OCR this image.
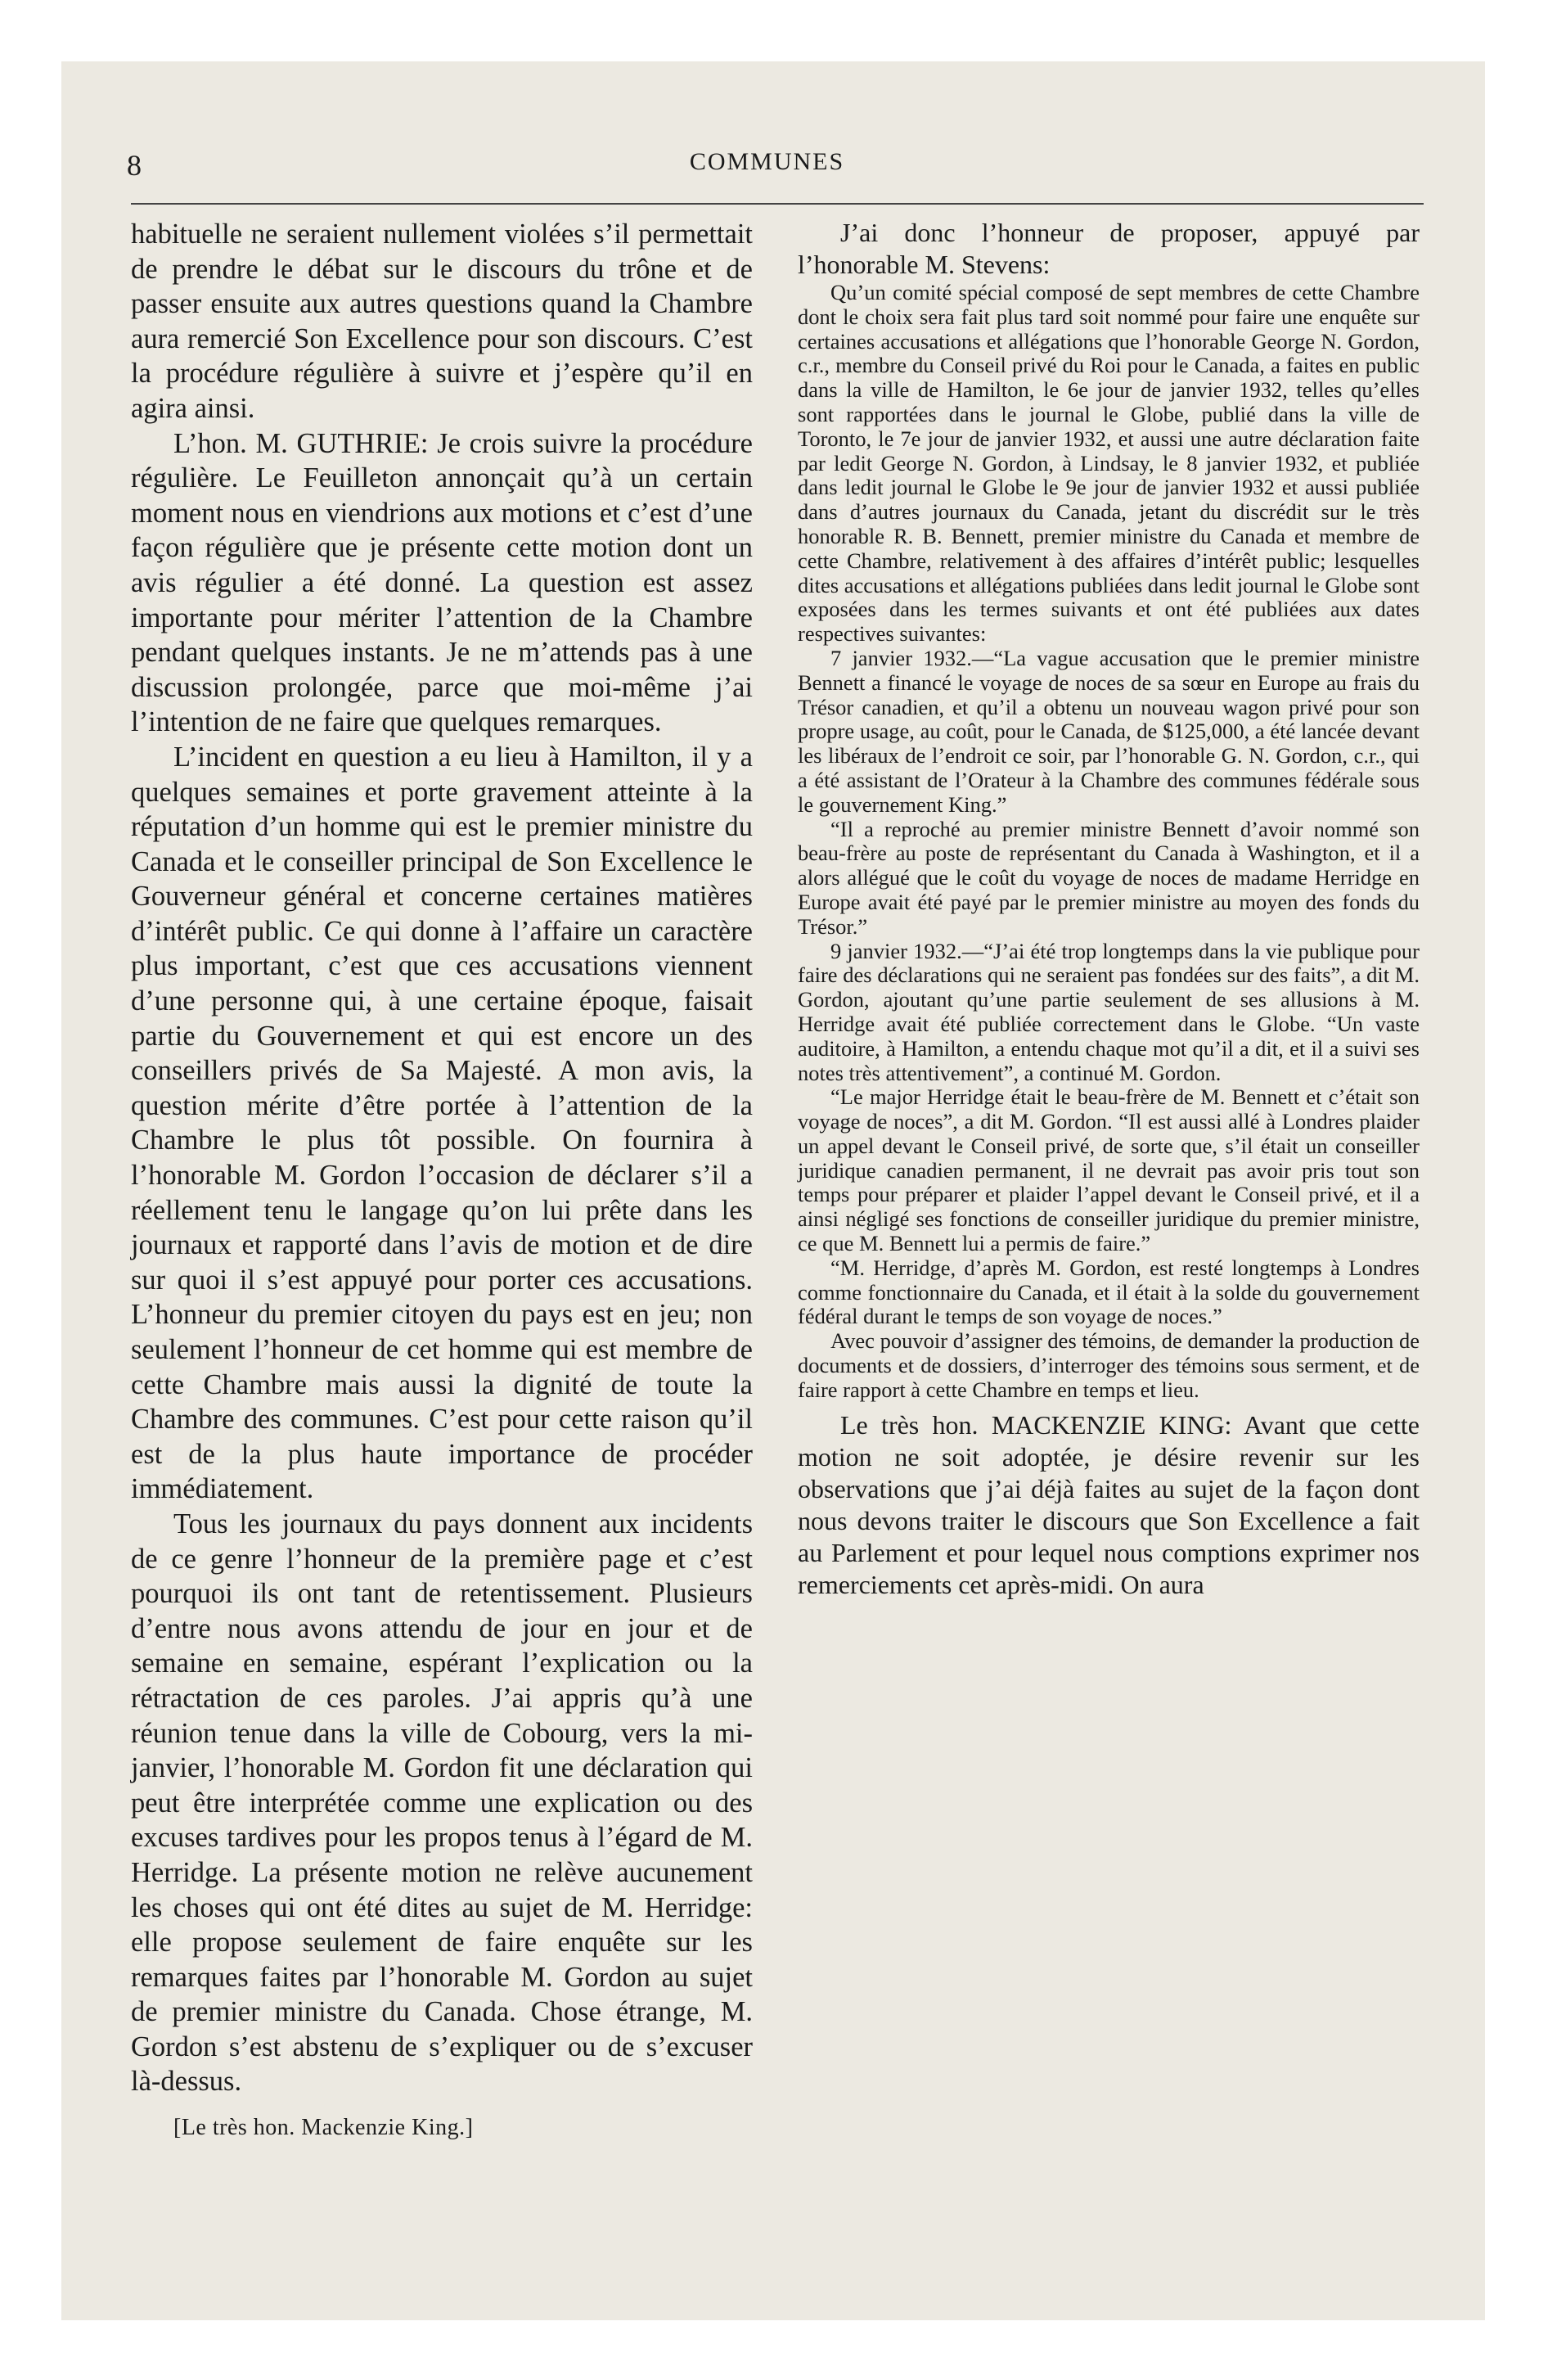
8	COMMUNES

habituelle ne seraient nullement violées s’il permettait de prendre le débat sur le discours du trône et de passer ensuite aux autres questions quand la Chambre aura remercié Son Excellence pour son discours. C’est la procédure régulière à suivre et j’espère qu’il en agira ainsi.

L’hon. M. GUTHRIE: Je crois suivre la procédure régulière. Le Feuilleton annonçait qu’à un certain moment nous en viendrions aux motions et c’est d’une façon régulière que je présente cette motion dont un avis régulier a été donné. La question est assez importante pour mériter l’attention de la Chambre pendant quelques instants. Je ne m’attends pas à une discussion prolongée, parce que moi-même j’ai l’intention de ne faire que quelques remarques.

L’incident en question a eu lieu à Hamilton, il y a quelques semaines et porte gravement atteinte à la réputation d’un homme qui est le premier ministre du Canada et le conseiller principal de Son Excellence le Gouverneur général et concerne certaines matières d’intérêt public. Ce qui donne à l’affaire un caractère plus important, c’est que ces accusations viennent d’une personne qui, à une certaine époque, faisait partie du Gouvernement et qui est encore un des conseillers privés de Sa Majesté. A mon avis, la question mérite d’être portée à l’attention de la Chambre le plus tôt possible. On fournira à l’honorable M. Gordon l’occasion de déclarer s’il a réellement tenu le langage qu’on lui prête dans les journaux et rapporté dans l’avis de motion et de dire sur quoi il s’est appuyé pour porter ces accusations. L’honneur du premier citoyen du pays est en jeu; non seulement l’honneur de cet homme qui est membre de cette Chambre mais aussi la dignité de toute la Chambre des communes. C’est pour cette raison qu’il est de la plus haute importance de procéder immédiatement.

Tous les journaux du pays donnent aux incidents de ce genre l’honneur de la première page et c’est pourquoi ils ont tant de retentissement. Plusieurs d’entre nous avons attendu de jour en jour et de semaine en semaine, espérant l’explication ou la rétractation de ces paroles. J’ai appris qu’à une réunion tenue dans la ville de Cobourg, vers la mi-janvier, l’honorable M. Gordon fit une déclaration qui peut être interprétée comme une explication ou des excuses tardives pour les propos tenus à l’égard de M. Herridge. La présente motion ne relève aucunement les choses qui ont été dites au sujet de M. Herridge: elle propose seulement de faire enquête sur les remarques faites par l’honorable M. Gordon au sujet de premier ministre du Canada. Chose étrange, M. Gordon s’est abstenu de s’expliquer ou de s’excuser là-dessus.

[Le très hon. Mackenzie King.]

J’ai donc l’honneur de proposer, appuyé par l’honorable M. Stevens:

Qu’un comité spécial composé de sept membres de cette Chambre dont le choix sera fait plus tard soit nommé pour faire une enquête sur certaines accusations et allégations que l’honorable George N. Gordon, c.r., membre du Conseil privé du Roi pour le Canada, a faites en public dans la ville de Hamilton, le 6e jour de janvier 1932, telles qu’elles sont rapportées dans le journal le Globe, publié dans la ville de Toronto, le 7e jour de janvier 1932, et aussi une autre déclaration faite par ledit George N. Gordon, à Lindsay, le 8 janvier 1932, et publiée dans ledit journal le Globe le 9e jour de janvier 1932 et aussi publiée dans d’autres journaux du Canada, jetant du discrédit sur le très honorable R. B. Bennett, premier ministre du Canada et membre de cette Chambre, relativement à des affaires d’intérêt public; lesquelles dites accusations et allégations publiées dans ledit journal le Globe sont exposées dans les termes suivants et ont été publiées aux dates respectives suivantes:

7 janvier 1932.—“La vague accusation que le premier ministre Bennett a financé le voyage de noces de sa sœur en Europe au frais du Trésor canadien, et qu’il a obtenu un nouveau wagon privé pour son propre usage, au coût, pour le Canada, de $125,000, a été lancée devant les libéraux de l’endroit ce soir, par l’honorable G. N. Gordon, c.r., qui a été assistant de l’Orateur à la Chambre des communes fédérale sous le gouvernement King.”

“Il a reproché au premier ministre Bennett d’avoir nommé son beau-frère au poste de représentant du Canada à Washington, et il a alors allégué que le coût du voyage de noces de madame Herridge en Europe avait été payé par le premier ministre au moyen des fonds du Trésor.”

9 janvier 1932.—“J’ai été trop longtemps dans la vie publique pour faire des déclarations qui ne seraient pas fondées sur des faits”, a dit M. Gordon, ajoutant qu’une partie seulement de ses allusions à M. Herridge avait été publiée correctement dans le Globe. “Un vaste auditoire, à Hamilton, a entendu chaque mot qu’il a dit, et il a suivi ses notes très attentivement”, a continué M. Gordon.

“Le major Herridge était le beau-frère de M. Bennett et c’était son voyage de noces”, a dit M. Gordon. “Il est aussi allé à Londres plaider un appel devant le Conseil privé, de sorte que, s’il était un conseiller juridique canadien permanent, il ne devrait pas avoir pris tout son temps pour préparer et plaider l’appel devant le Conseil privé, et il a ainsi négligé ses fonctions de conseiller juridique du premier ministre, ce que M. Bennett lui a permis de faire.”

“M. Herridge, d’après M. Gordon, est resté longtemps à Londres comme fonctionnaire du Canada, et il était à la solde du gouvernement fédéral durant le temps de son voyage de noces.”

Avec pouvoir d’assigner des témoins, de demander la production de documents et de dossiers, d’interroger des témoins sous serment, et de faire rapport à cette Chambre en temps et lieu.

Le très hon. MACKENZIE KING: Avant que cette motion ne soit adoptée, je désire revenir sur les observations que j’ai déjà faites au sujet de la façon dont nous devons traiter le discours que Son Excellence a fait au Parlement et pour lequel nous comptions exprimer nos remerciements cet après-midi. On aura
